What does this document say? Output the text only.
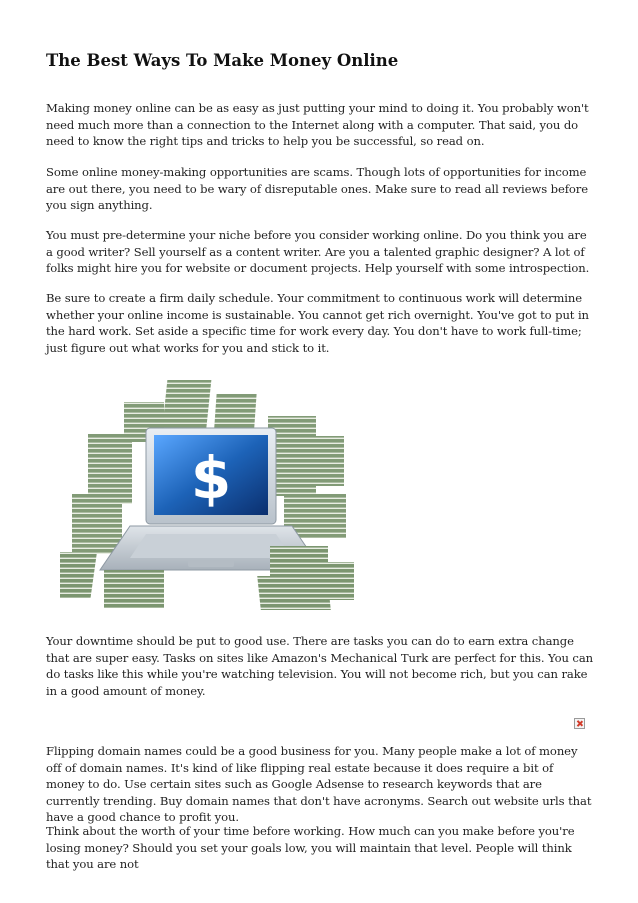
The Best Ways To Make Money Online

Making money online can be as easy as just putting your mind to doing it. You probably won't need much more than a connection to the Internet along with a computer. That said, you do need to know the right tips and tricks to help you be successful, so read on.

Some online money-making opportunities are scams. Though lots of opportunities for income are out there, you need to be wary of disreputable ones. Make sure to read all reviews before you sign anything.

You must pre-determine your niche before you consider working online. Do you think you are a good writer? Sell yourself as a content writer. Are you a talented graphic designer? A lot of folks might hire you for website or document projects. Help yourself with some introspection.

Be sure to create a firm daily schedule. Your commitment to continuous work will determine whether your online income is sustainable. You cannot get rich overnight. You've got to put in the hard work. Set aside a specific time for work every day. You don't have to work full-time; just figure out what works for you and stick to it.

$

Your downtime should be put to good use. There are tasks you can do to earn extra change that are super easy. Tasks on sites like Amazon's Mechanical Turk are perfect for this. You can do tasks like this while you're watching television. You will not become rich, but you can rake in a good amount of money.

Flipping domain names could be a good business for you. Many people make a lot of money off of domain names. It's kind of like flipping real estate because it does require a bit of money to do. Use certain sites such as Google Adsense to research keywords that are currently trending. Buy domain names that don't have acronyms. Search out website urls that have a good chance to profit you.

Think about the worth of your time before working. How much can you make before you're losing money? Should you set your goals low, you will maintain that level. People will think that you are not
